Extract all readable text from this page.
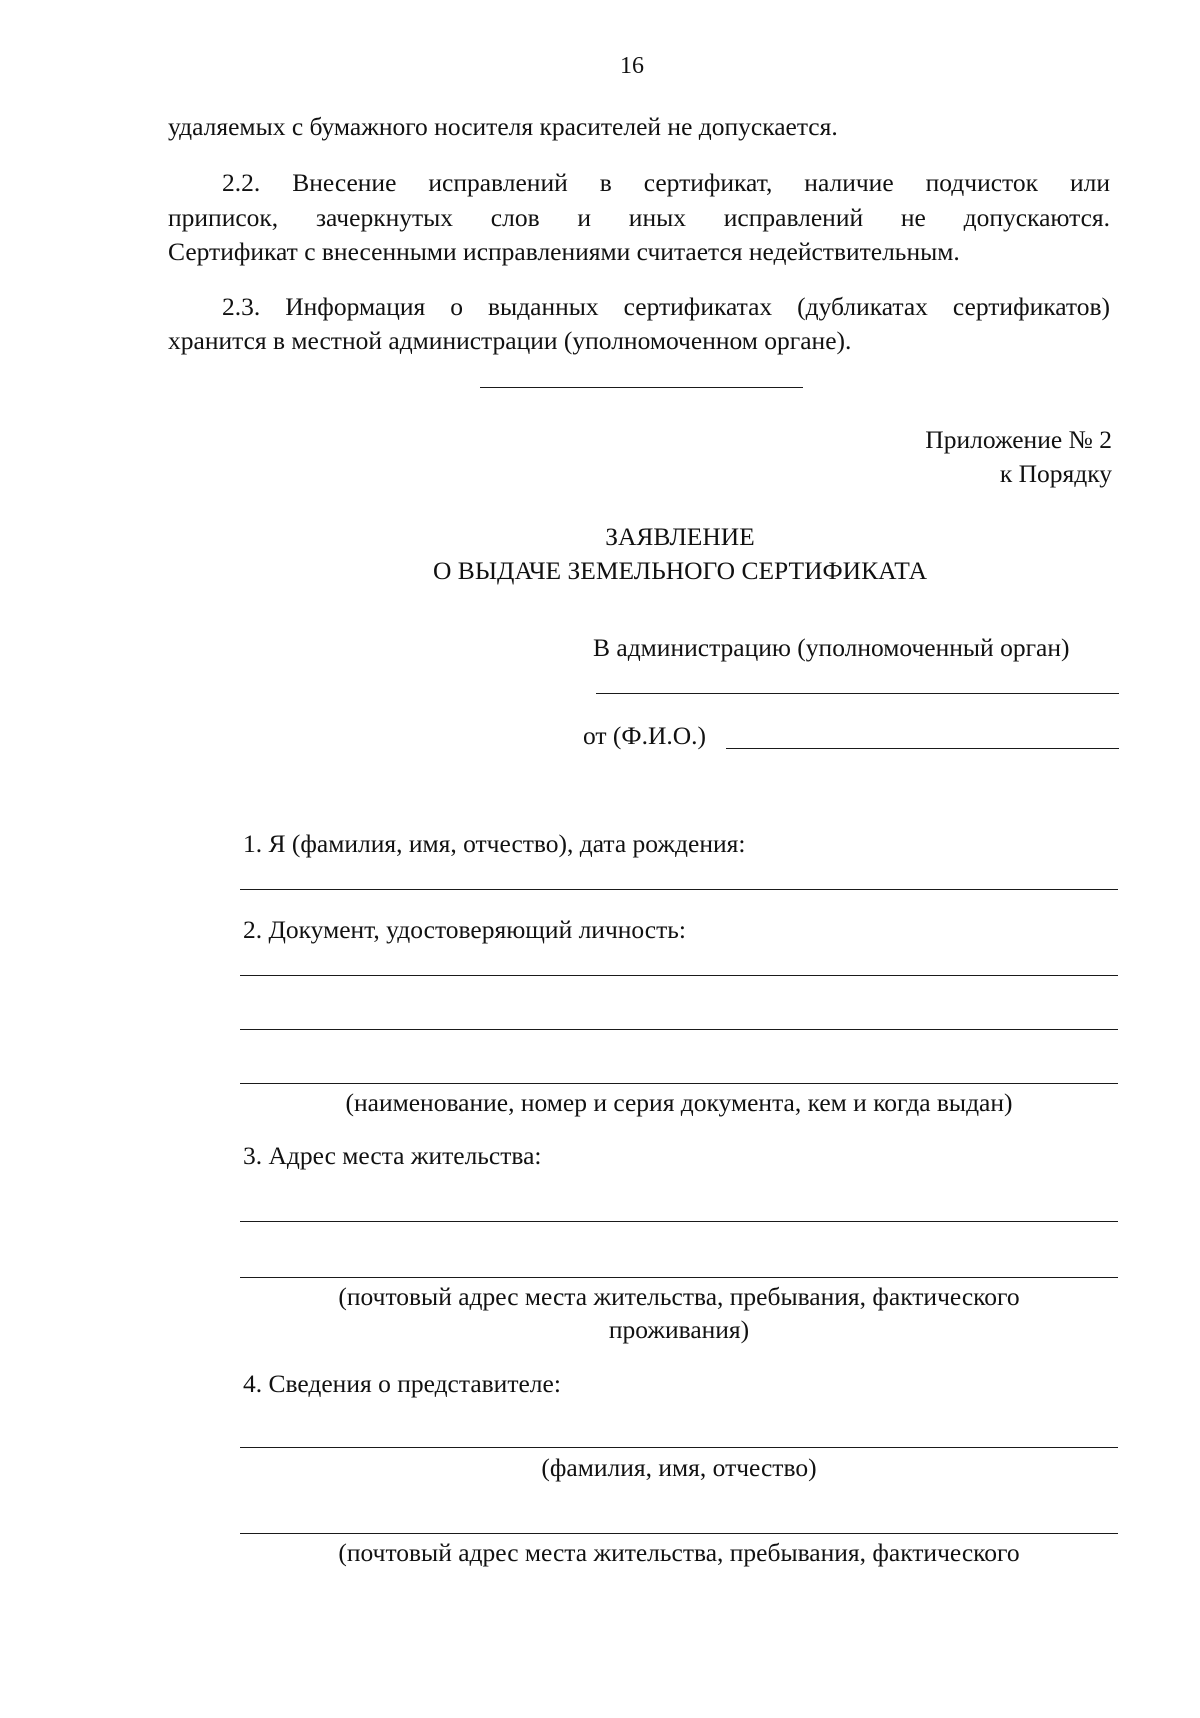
16
удаляемых с бумажного носителя красителей не допускается.
2.2. Внесение исправлений в сертификат, наличие подчисток или
приписок, зачеркнутых слов и иных исправлений не допускаются.
Сертификат с внесенными исправлениями считается недействительным.
2.3. Информация о выданных сертификатах (дубликатах сертификатов)
хранится в местной администрации (уполномоченном органе).
Приложение № 2
к Порядку
ЗАЯВЛЕНИЕ
О ВЫДАЧЕ ЗЕМЕЛЬНОГО СЕРТИФИКАТА
В администрацию (уполномоченный орган)
от (Ф.И.О.)
1. Я (фамилия, имя, отчество), дата рождения:
2. Документ, удостоверяющий личность:
(наименование, номер и серия документа, кем и когда выдан)
3. Адрес места жительства:
(почтовый адрес места жительства, пребывания, фактического
проживания)
4. Сведения о представителе:
(фамилия, имя, отчество)
(почтовый адрес места жительства, пребывания, фактического
